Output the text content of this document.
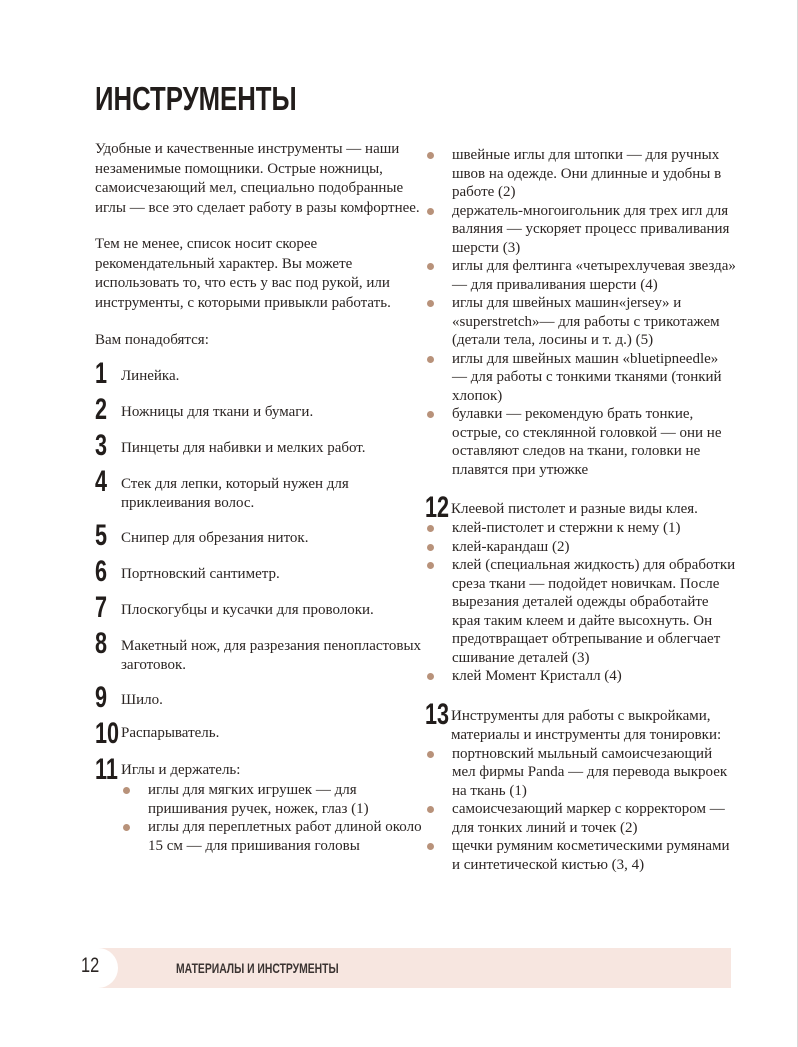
ИНСТРУМЕНТЫ

Удобные и качественные инструменты — наши незаменимые помощники. Острые ножницы, самоисчезающий мел, специально подобранные иглы — все это сделает работу в разы комфортнее.

Тем не менее, список носит скорее рекомендательный характер. Вы можете использовать то, что есть у вас под рукой, или инструменты, с которыми привыкли работать.

Вам понадобятся:

1 Линейка.
2 Ножницы для ткани и бумаги.
3 Пинцеты для набивки и мелких работ.
4 Стек для лепки, который нужен для приклеивания волос.
5 Снипер для обрезания ниток.
6 Портновский сантиметр.
7 Плоскогубцы и кусачки для проволоки.
8 Макетный нож, для разрезания пенопластовых заготовок.
9 Шило.
10 Распарыватель.
11 Иглы и держатель:
иглы для мягких игрушек — для пришивания ручек, ножек, глаз (1)
иглы для переплетных работ длиной около 15 см — для пришивания головы
швейные иглы для штопки — для ручных швов на одежде. Они длинные и удобны в работе (2)
держатель-многоигольник для трех игл для валяния — ускоряет процесс приваливания шерсти (3)
иглы для фелтинга «четырехлучевая звезда» — для приваливания шерсти (4)
иглы для швейных машин«jersey» и «superstretch»— для работы с трикотажем (детали тела, лосины и т. д.) (5)
иглы для швейных машин «bluetipneedle» — для работы с тонкими тканями (тонкий хлопок)
булавки — рекомендую брать тонкие, острые, со стеклянной головкой — они не оставляют следов на ткани, головки не плавятся при утюжке
12 Клеевой пистолет и разные виды клея.
клей-пистолет и стержни к нему (1)
клей-карандаш (2)
клей (специальная жидкость) для обработки среза ткани — подойдет новичкам. После вырезания деталей одежды обработайте края таким клеем и дайте высохнуть. Он предотвращает обтрепывание и облегчает сшивание деталей (3)
клей Момент Кристалл (4)
13 Инструменты для работы с выкройками, материалы и инструменты для тонировки:
портновский мыльный самоисчезающий мел фирмы Panda — для перевода выкроек на ткань (1)
самоисчезающий маркер с корректором — для тонких линий и точек (2)
щечки румяним косметическими румянами и синтетической кистью (3, 4)
12	МАТЕРИАЛЫ И ИНСТРУМЕНТЫ
